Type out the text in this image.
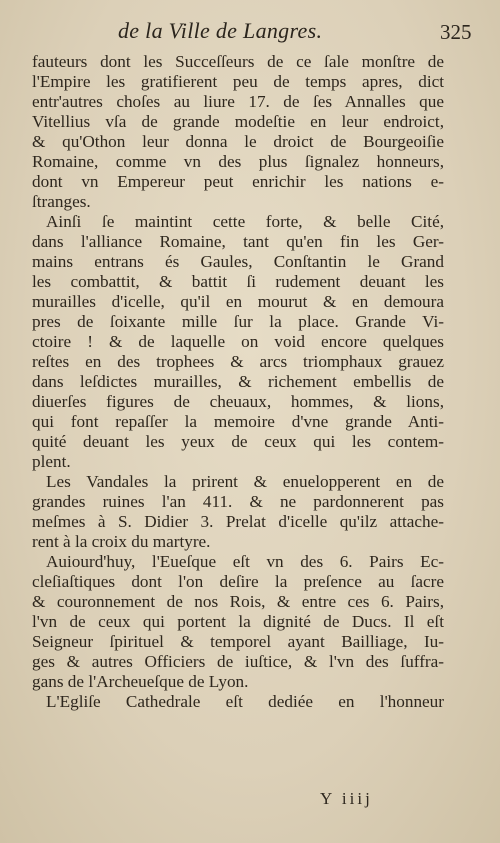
de la Ville de Langres.	325
fauteurs dont les Succeſſeurs de ce ſale monſtre de
l'Empire les gratifierent peu de temps apres, dict
entr'autres choſes au liure 17. de ſes Annalles que
Vitellius vſa de grande modeſtie en leur endroict,
& qu'Othon leur donna le droict de Bourgeoiſie
Romaine, comme vn des plus ſignalez honneurs,
dont vn Empereur peut enrichir les nations e-
ſtranges.
Ainſi ſe maintint cette forte, & belle Cité,
dans l'alliance Romaine, tant qu'en fin les Ger-
mains entrans és Gaules, Conſtantin le Grand
les combattit, & battit ſi rudement deuant les
murailles d'icelle, qu'il en mourut & en demoura
pres de ſoixante mille ſur la place. Grande Vi-
ctoire ! & de laquelle on void encore quelques
reſtes en des trophees & arcs triomphaux grauez
dans leſdictes murailles, & richement embellis de
diuerſes figures de cheuaux, hommes, & lions,
qui font repaſſer la memoire d'vne grande Anti-
quité deuant les yeux de ceux qui les contem-
plent.
Les Vandales la prirent & enuelopperent en de
grandes ruines l'an 411. & ne pardonnerent pas
meſmes à S. Didier 3. Prelat d'icelle qu'ilz attache-
rent à la croix du martyre.
Auiourd'huy, l'Eueſque eſt vn des 6. Pairs Ec-
cleſiaſtiques dont l'on deſire la preſence au ſacre
& couronnement de nos Rois, & entre ces 6. Pairs,
l'vn de ceux qui portent la dignité de Ducs. Il eſt
Seigneur ſpirituel & temporel ayant Bailliage, Iu-
ges & autres Officiers de iuſtice, & l'vn des ſuffra-
gans de l'Archeueſque de Lyon.
L'Egliſe Cathedrale eſt dediée en l'honneur
Y iiij
